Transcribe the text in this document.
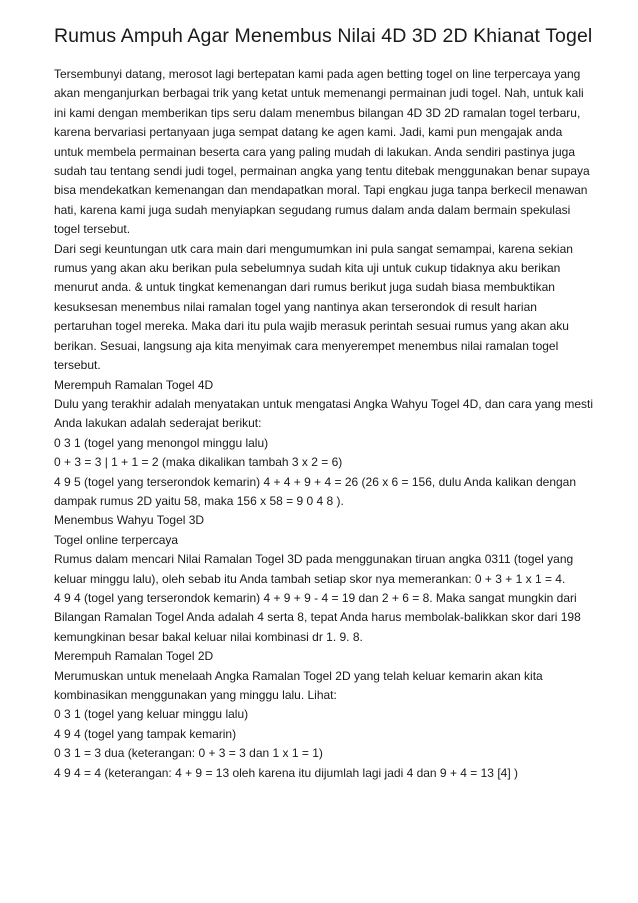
Rumus Ampuh Agar Menembus Nilai 4D 3D 2D Khianat Togel

Tersembunyi datang, merosot lagi bertepatan kami pada agen betting togel on line terpercaya yang akan menganjurkan berbagai trik yang ketat untuk memenangi permainan judi togel. Nah, untuk kali ini kami dengan memberikan tips seru dalam menembus bilangan 4D 3D 2D ramalan togel terbaru, karena bervariasi pertanyaan juga sempat datang ke agen kami. Jadi, kami pun mengajak anda untuk membela permainan beserta cara yang paling mudah di lakukan. Anda sendiri pastinya juga sudah tau tentang sendi judi togel, permainan angka yang tentu ditebak menggunakan benar supaya bisa mendekatkan kemenangan dan mendapatkan moral. Tapi engkau juga tanpa berkecil menawan hati, karena kami juga sudah menyiapkan segudang rumus dalam anda dalam bermain spekulasi togel tersebut.

Dari segi keuntungan utk cara main dari mengumumkan ini pula sangat semampai, karena sekian rumus yang akan aku berikan pula sebelumnya sudah kita uji untuk cukup tidaknya aku berikan menurut anda. & untuk tingkat kemenangan dari rumus berikut juga sudah biasa membuktikan kesuksesan menembus nilai ramalan togel yang nantinya akan terserondok di result harian pertaruhan togel mereka. Maka dari itu pula wajib merasuk perintah sesuai rumus yang akan aku berikan. Sesuai, langsung aja kita menyimak cara menyerempet menembus nilai ramalan togel tersebut.

Merempuh Ramalan Togel 4D

Dulu yang terakhir adalah menyatakan untuk mengatasi Angka Wahyu Togel 4D, dan cara yang mesti Anda lakukan adalah sederajat berikut:

0 3 1 (togel yang menongol minggu lalu)

0 + 3 = 3 | 1 + 1 = 2 (maka dikalikan tambah 3 x 2 = 6)

4 9 5 (togel yang terserondok kemarin) 4 + 4 + 9 + 4 = 26 (26 x 6 = 156, dulu Anda kalikan dengan dampak rumus 2D yaitu 58, maka 156 x 58 = 9 0 4 8 ).

Menembus Wahyu Togel 3D

Togel online terpercaya

Rumus dalam mencari Nilai Ramalan Togel 3D pada menggunakan tiruan angka 0311 (togel yang keluar minggu lalu), oleh sebab itu Anda tambah setiap skor nya memerankan: 0 + 3 + 1 x 1 = 4.

4 9 4 (togel yang terserondok kemarin) 4 + 9 + 9 - 4 = 19 dan 2 + 6 = 8. Maka sangat mungkin dari Bilangan Ramalan Togel Anda adalah 4 serta 8, tepat Anda harus membolak-balikkan skor dari 198 kemungkinan besar bakal keluar nilai kombinasi dr 1. 9. 8.

Merempuh Ramalan Togel 2D

Merumuskan untuk menelaah Angka Ramalan Togel 2D yang telah keluar kemarin akan kita kombinasikan menggunakan yang minggu lalu. Lihat:

0 3 1 (togel yang keluar minggu lalu)

4 9 4 (togel yang tampak kemarin)

0 3 1 = 3 dua (keterangan: 0 + 3 = 3 dan 1 x 1 = 1)

4 9 4 = 4 (keterangan: 4 + 9 = 13 oleh karena itu dijumlah lagi jadi 4 dan 9 + 4 = 13 [4] )
